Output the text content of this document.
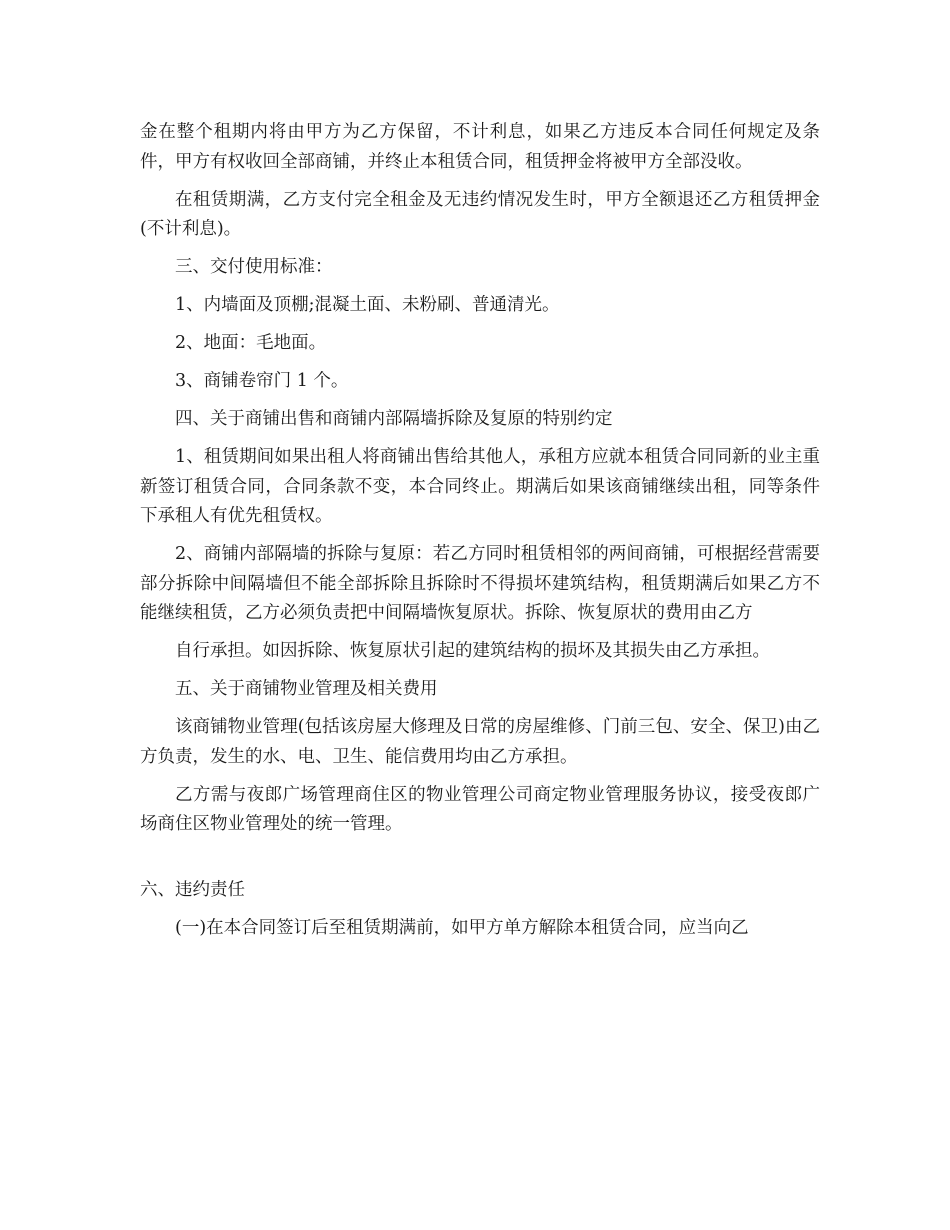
金在整个租期内将由甲方为乙方保留，不计利息，如果乙方违反本合同任何规定及条件，甲方有权收回全部商铺，并终止本租赁合同，租赁押金将被甲方全部没收。

在租赁期满，乙方支付完全租金及无违约情况发生时，甲方全额退还乙方租赁押金(不计利息)。

三、交付使用标准：

1、内墙面及顶棚;混凝土面、未粉刷、普通清光。

2、地面：毛地面。

3、商铺卷帘门 1 个。

四、关于商铺出售和商铺内部隔墙拆除及复原的特别约定

1、租赁期间如果出租人将商铺出售给其他人，承租方应就本租赁合同同新的业主重新签订租赁合同，合同条款不变，本合同终止。期满后如果该商铺继续出租，同等条件下承租人有优先租赁权。

2、商铺内部隔墙的拆除与复原：若乙方同时租赁相邻的两间商铺，可根据经营需要部分拆除中间隔墙但不能全部拆除且拆除时不得损坏建筑结构，租赁期满后如果乙方不能继续租赁，乙方必须负责把中间隔墙恢复原状。拆除、恢复原状的费用由乙方

自行承担。如因拆除、恢复原状引起的建筑结构的损坏及其损失由乙方承担。

五、关于商铺物业管理及相关费用

该商铺物业管理(包括该房屋大修理及日常的房屋维修、门前三包、安全、保卫)由乙方负责，发生的水、电、卫生、能信费用均由乙方承担。

乙方需与夜郎广场管理商住区的物业管理公司商定物业管理服务协议，接受夜郎广场商住区物业管理处的统一管理。

六、违约责任

(一)在本合同签订后至租赁期满前，如甲方单方解除本租赁合同，应当向乙
